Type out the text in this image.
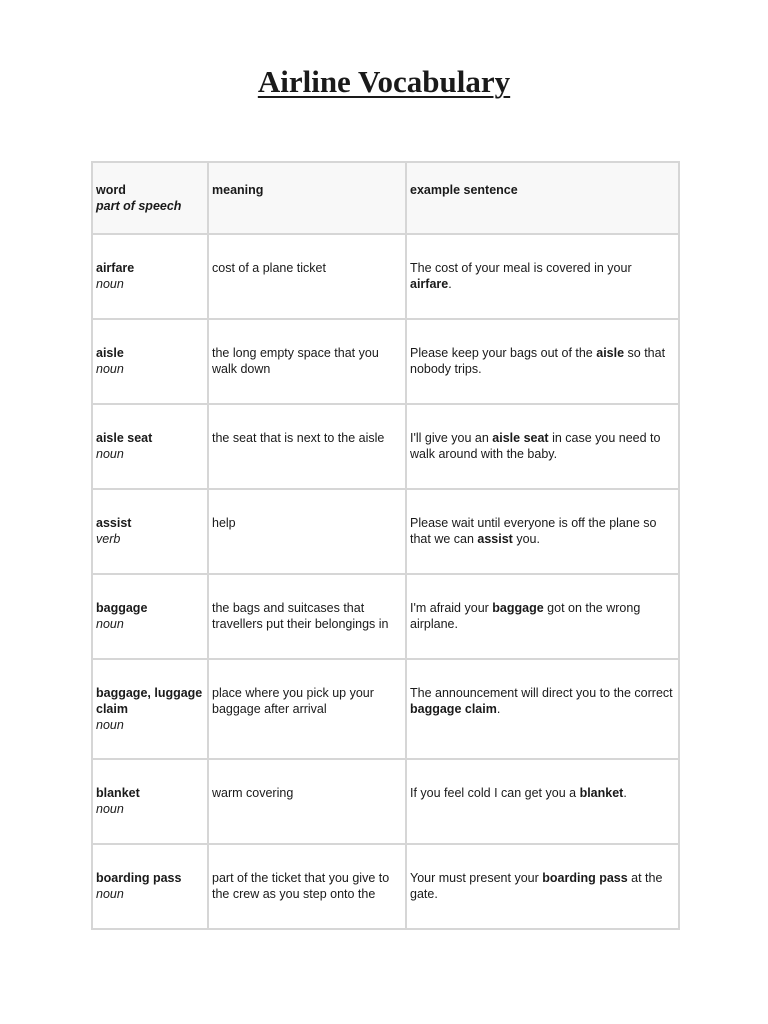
Airline Vocabulary
word
part of speech	meaning	example sentence

airfare
noun	cost of a plane ticket	The cost of your meal is covered in your airfare.

aisle
noun	the long empty space that you walk down	Please keep your bags out of the aisle so that nobody trips.

aisle seat
noun	the seat that is next to the aisle	I'll give you an aisle seat in case you need to walk around with the baby.

assist
verb	help	Please wait until everyone is off the plane so that we can assist you.

baggage
noun	the bags and suitcases that travellers put their belongings in	I'm afraid your baggage got on the wrong airplane.

baggage, luggage claim
noun	place where you pick up your baggage after arrival	The announcement will direct you to the correct baggage claim.

blanket
noun	warm covering	If you feel cold I can get you a blanket.

boarding pass
noun	part of the ticket that you give to the crew as you step onto the	Your must present your boarding pass at the gate.
